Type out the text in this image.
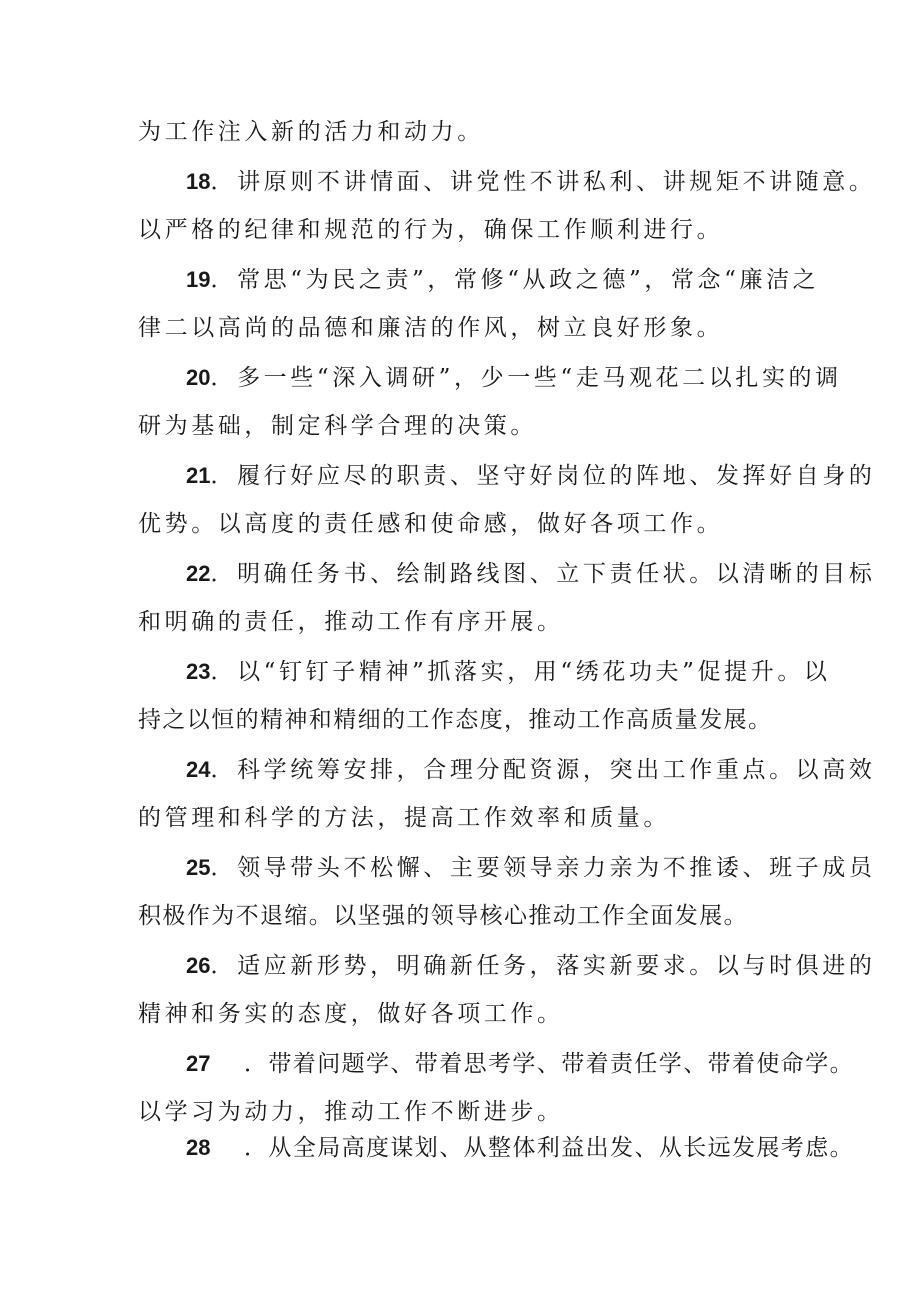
为工作注入新的活力和动力。
18．讲原则不讲情面、讲党性不讲私利、讲规矩不讲随意。
以严格的纪律和规范的行为，确保工作顺利进行。
19．常思“为民之责”，常修“从政之德”，常念“廉洁之
律二以高尚的品德和廉洁的作风，树立良好形象。
20．多一些“深入调研”，少一些“走马观花二以扎实的调
研为基础，制定科学合理的决策。
21．履行好应尽的职责、坚守好岗位的阵地、发挥好自身的
优势。以高度的责任感和使命感，做好各项工作。
22．明确任务书、绘制路线图、立下责任状。以清晰的目标
和明确的责任，推动工作有序开展。
23．以“钉钉子精神”抓落实，用“绣花功夫”促提升。以
持之以恒的精神和精细的工作态度，推动工作高质量发展。
24．科学统筹安排，合理分配资源，突出工作重点。以高效
的管理和科学的方法，提高工作效率和质量。
25．领导带头不松懈、主要领导亲力亲为不推诿、班子成员
积极作为不退缩。以坚强的领导核心推动工作全面发展。
26．适应新形势，明确新任务，落实新要求。以与时俱进的
精神和务实的态度，做好各项工作。
27 ．带着问题学、带着思考学、带着责任学、带着使命学。
以学习为动力，推动工作不断进步。
28 ．从全局高度谋划、从整体利益出发、从长远发展考虑。
